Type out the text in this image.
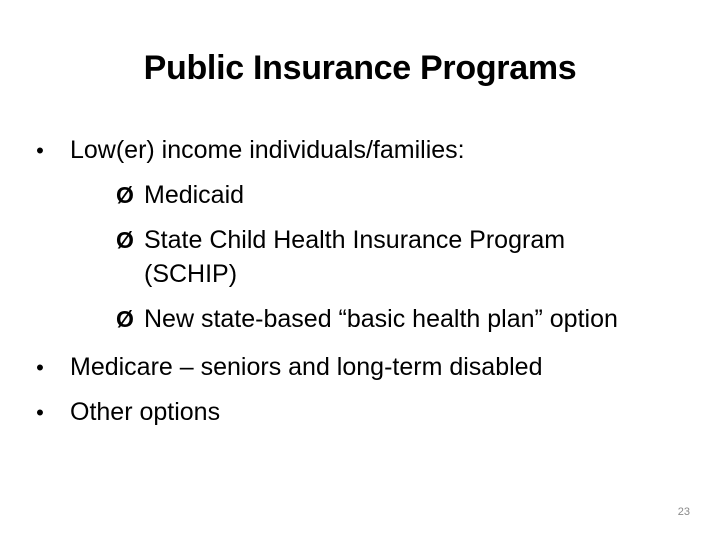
Public Insurance Programs
•	Low(er) income individuals/families:
Ø Medicaid
Ø State Child Health Insurance Program
(SCHIP)
Ø New state-based “basic health plan” option
•	Medicare – seniors and long-term disabled
•	Other options
23
